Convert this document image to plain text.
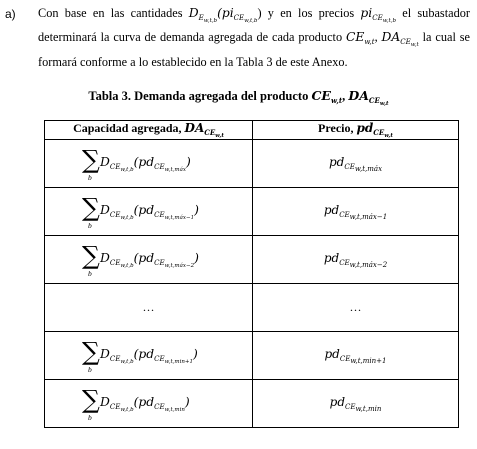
a) Con base en las cantidades $D_{E_{w,t,b}}(pi_{CE_{w,t,b}})$ y en los precios $pi_{CE_{w,t,b}}$ el subastador determinará la curva de demanda agregada de cada producto $CE_{w,t}$, $DA_{CE_{w,t}}$ la cual se formará conforme a lo establecido en la Tabla 3 de este Anexo.
Tabla 3. Demanda agregada del producto $CE_{w,t}$, $DA_{CE_{w,t}}$
Capacidad agregada, $DA_{CE_{w,t}}$	Precio, $pd_{CE_{w,t}}$

∑
b
$D_{CE_{w,t,b}}(pd_{CE_{w,t,máx}})$	$pd_{CE_{w,t,máx}}$

∑
b
$D_{CE_{w,t,b}}(pd_{CE_{w,t,máx-1}})$	$pd_{CE_{w,t,máx-1}}$

∑
b
$D_{CE_{w,t,b}}(pd_{CE_{w,t,máx-2}})$	$pd_{CE_{w,t,máx-2}}$
…	…

∑
b
$D_{CE_{w,t,b}}(pd_{CE_{w,t,min+1}})$	$pd_{CE_{w,t,min+1}}$

∑
b
$D_{CE_{w,t,b}}(pd_{CE_{w,t,min}})$	$pd_{CE_{w,t,min}}$
